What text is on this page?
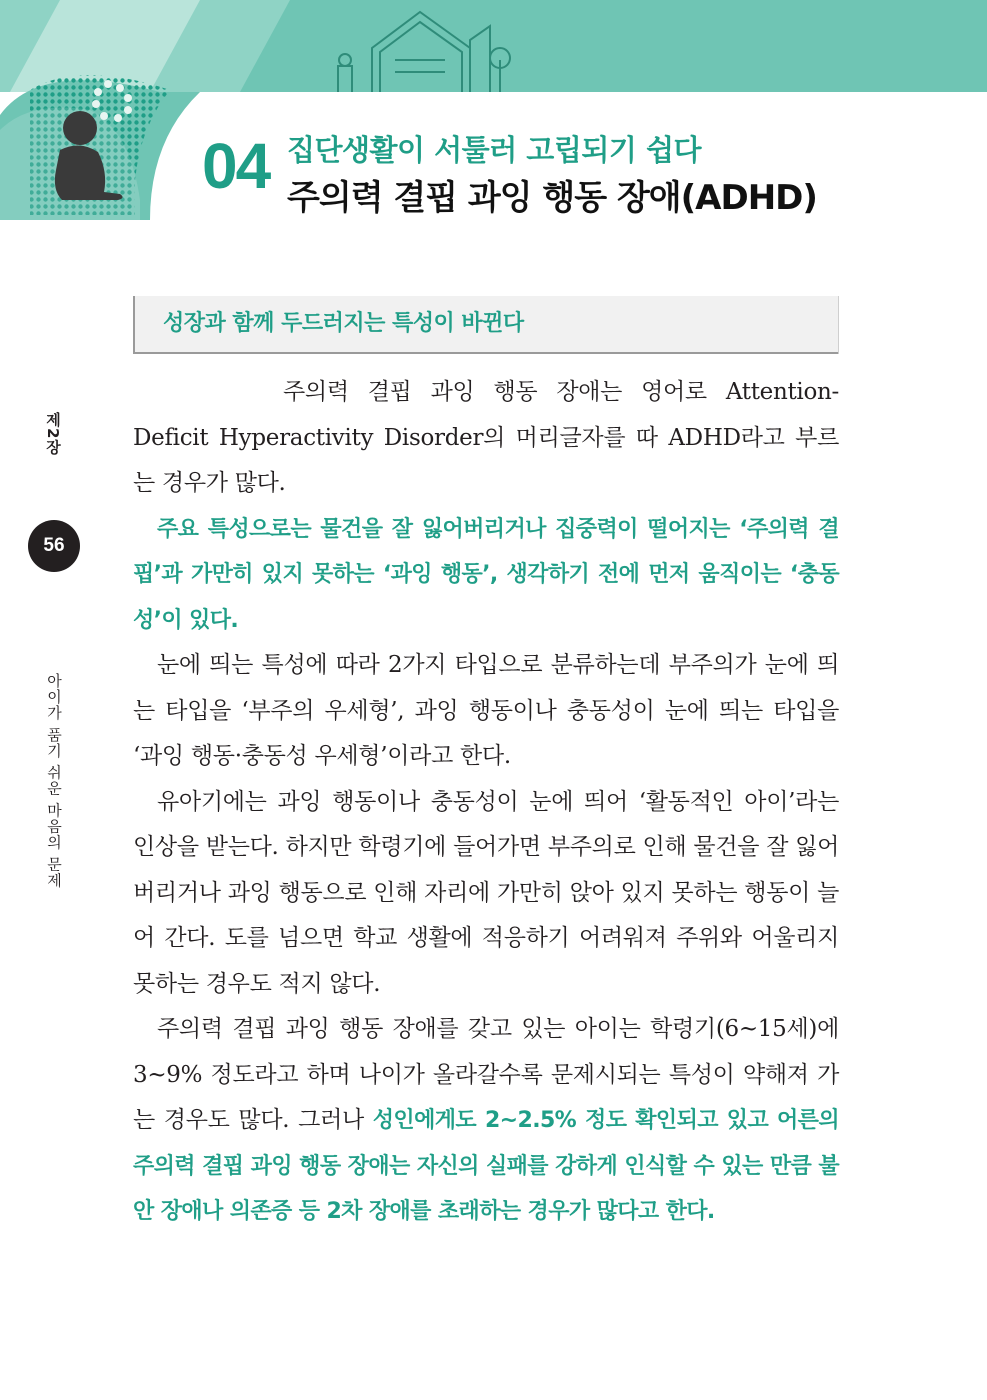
04 집단생활이 서툴러 고립되기 쉽다
주의력 결핍 과잉 행동 장애(ADHD)
성장과 함께 두드러지는 특성이 바뀐다
제2장
56
아이가 품기 쉬운 마음의 문제

주의력 결핍 과잉 행동 장애는 영어로 Attention-Deficit Hyperactivity Disorder의 머리글자를 따 ADHD라고 부르는 경우가 많다.

주요 특성으로는 물건을 잘 잃어버리거나 집중력이 떨어지는 ‘주의력 결핍’과 가만히 있지 못하는 ‘과잉 행동’, 생각하기 전에 먼저 움직이는 ‘충동성’이 있다.

눈에 띄는 특성에 따라 2가지 타입으로 분류하는데 부주의가 눈에 띄는 타입을 ‘부주의 우세형’, 과잉 행동이나 충동성이 눈에 띄는 타입을 ‘과잉 행동·충동성 우세형’이라고 한다.

유아기에는 과잉 행동이나 충동성이 눈에 띄어 ‘활동적인 아이’라는 인상을 받는다. 하지만 학령기에 들어가면 부주의로 인해 물건을 잘 잃어버리거나 과잉 행동으로 인해 자리에 가만히 앉아 있지 못하는 행동이 늘어 간다. 도를 넘으면 학교 생활에 적응하기 어려워져 주위와 어울리지 못하는 경우도 적지 않다.

주의력 결핍 과잉 행동 장애를 갖고 있는 아이는 학령기(6~15세)에 3~9% 정도라고 하며 나이가 올라갈수록 문제시되는 특성이 약해져 가는 경우도 많다. 그러나 성인에게도 2~2.5% 정도 확인되고 있고 어른의 주의력 결핍 과잉 행동 장애는 자신의 실패를 강하게 인식할 수 있는 만큼 불안 장애나 의존증 등 2차 장애를 초래하는 경우가 많다고 한다.
